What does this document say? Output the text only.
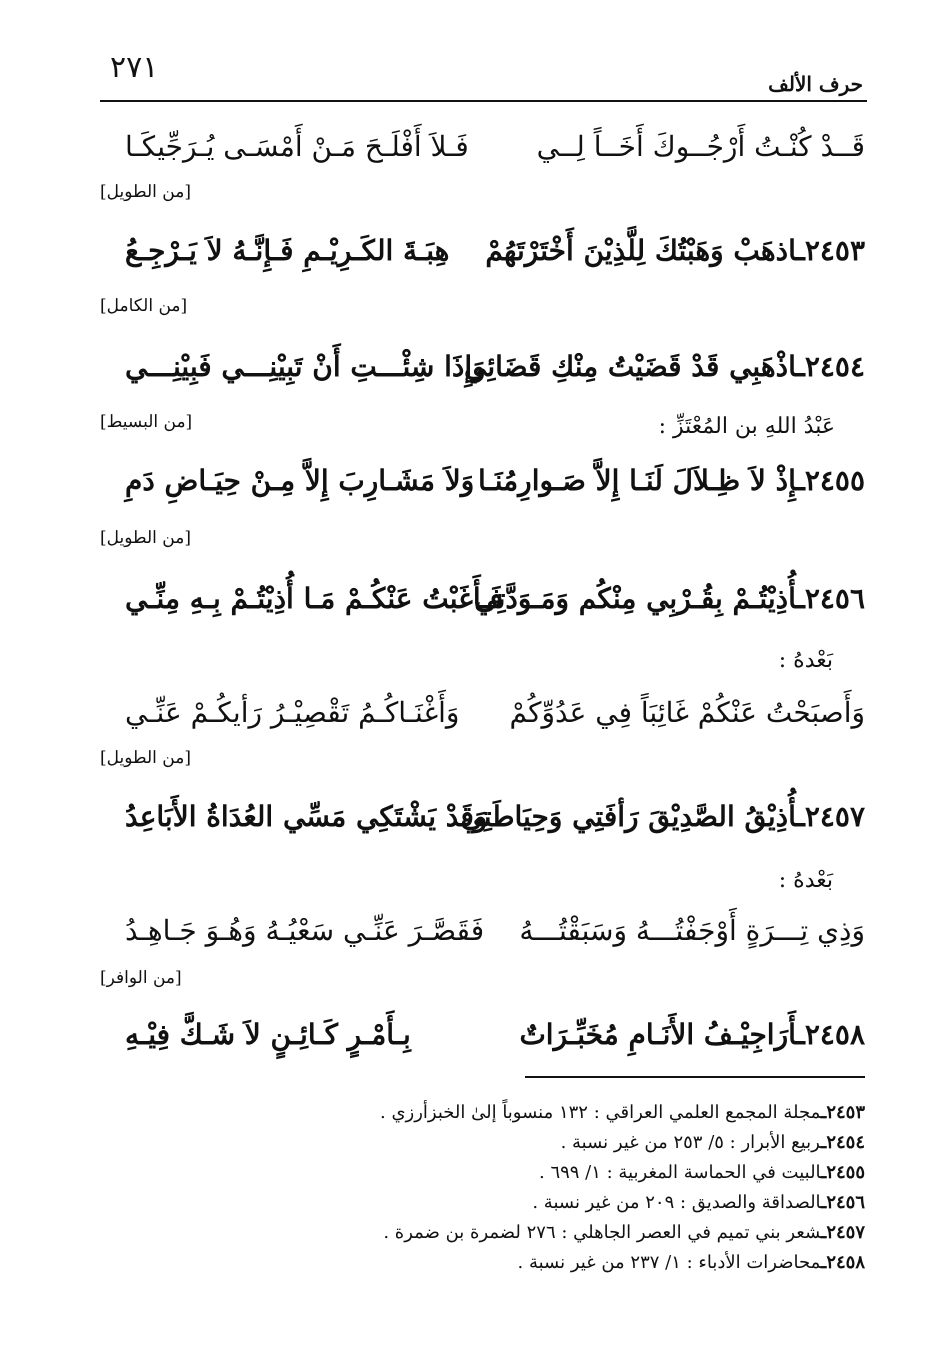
٢٧١	حرف الألف
قَــدْ كُنْـتُ أَرْجُــوكَ أَخَــاً لِــي
فَـلاَ أَفْلَـحَ مَـنْ أَمْسَـى يُـرَجِّيكَـا
[من الطويل]
٢٤٥٣ـاذهَبْ وَهَبْتُكَ لِلَّذِيْنَ أَخْتَرْتَهُمْ
هِبَـةَ الكَـرِيْـمِ فَـإِنَّـهُ لاَ يَـرْجِـعُ
[من الكامل]
٢٤٥٤ـاذْهَبِي قَدْ قَضَيْتُ مِنْكِ قَضَائِي
وَإِذَا شِئْـــتِ أَنْ تَبِيْنِـــي فَبِيْنِـــي
[من البسيط]	عَبْدُ اللهِ بن المُعْتَزِّ :
٢٤٥٥ـإِذْ لاَ ظِـلاَلَ لَنَـا إِلاَّ صَـوارِمُنَـا
وَلاَ مَشَـارِبَ إِلاَّ مِـنْ حِيَـاضِ دَمِ
[من الطويل]
٢٤٥٦ـأُذِيْتُـمْ بِقُـرْبِي مِنْكُم وَمَـوَدَّتِي
فَـأَغَبْتُ عَنْكُـمْ مَـا أُذِيْتُـمْ بِـهِ مِنِّـي
بَعْدهُ :
وَأَصبَحْتُ عَنْكُمْ غَائِبَاً فِي عَدُوِّكُمْ
وَأَغْنَـاكُـمُ تَقْصِيْـرُ رَأيكُـمْ عَنِّـي
[من الطويل]
٢٤٥٧ـأُذِيْقُ الصَّدِيْقَ رَأفَتِي وَحِيَاطَتِي
وَقَدْ يَشْتَكِي مَسِّي العُدَاةُ الأَبَاعِدُ
بَعْدهُ :
وَذِي تِـــرَةٍ أَوْجَفْتُـــهُ وَسَبَقْتُـــهُ
فَقَصَّـرَ عَنِّـي سَعْيُـهُ وَهُـوَ جَـاهِـدُ
[من الوافر]
٢٤٥٨ـأَرَاجِيْـفُ الأَنَـامِ مُخَبِّـرَاتٌ
بِـأَمْـرٍ كَـائِـنٍ لاَ شَـكَّ فِيْـهِ
٢٤٥٣ـمجلة المجمع العلمي العراقي : ١٣٢ منسوباً إلىٰ الخبزأرزي .
٢٤٥٤ـربيع الأبرار : ٥/ ٢٥٣ من غير نسبة .
٢٤٥٥ـالبيت في الحماسة المغربية : ١/ ٦٩٩ .
٢٤٥٦ـالصداقة والصديق : ٢٠٩ من غير نسبة .
٢٤٥٧ـشعر بني تميم في العصر الجاهلي : ٢٧٦ لضمرة بن ضمرة .
٢٤٥٨ـمحاضرات الأدباء : ١/ ٢٣٧ من غير نسبة .
